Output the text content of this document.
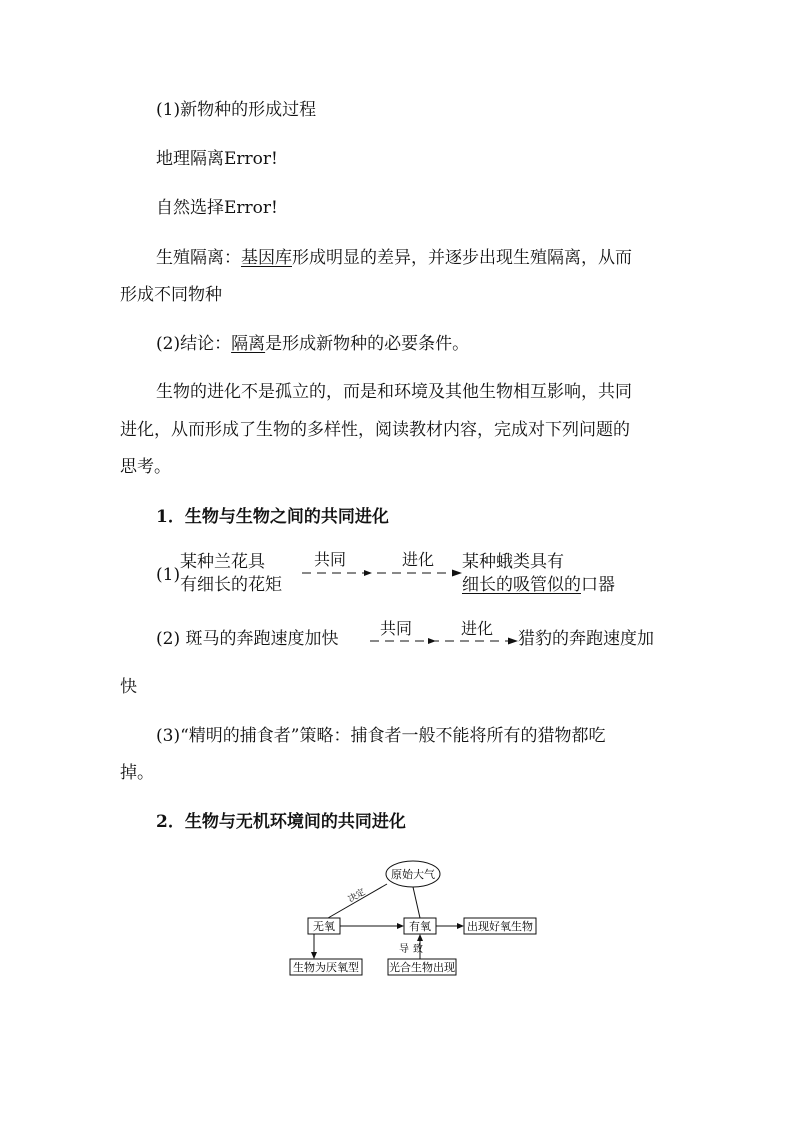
(1)新物种的形成过程
地理隔离Error!
自然选择Error!
生殖隔离：基因库形成明显的差异，并逐步出现生殖隔离，从而
形成不同物种
(2)结论：隔离是形成新物种的必要条件。
生物的进化不是孤立的，而是和环境及其他生物相互影响，共同
进化，从而形成了生物的多样性，阅读教材内容，完成对下列问题的
思考。
1．生物与生物之间的共同进化
(1)
某种兰花具
有细长的花矩
共同	进化 某种蛾类具有
细长的吸管似的口器
(2) 斑马的奔跑速度加快
共同	进化
猎豹的奔跑速度加
快
(3)“精明的捕食者”策略：捕食者一般不能将所有的猎物都吃
掉。
2．生物与无机环境间的共同进化
原始大气
无氧	有氧	出现好氧生物
生物为厌氧型	光合生物出现
决定
导致
